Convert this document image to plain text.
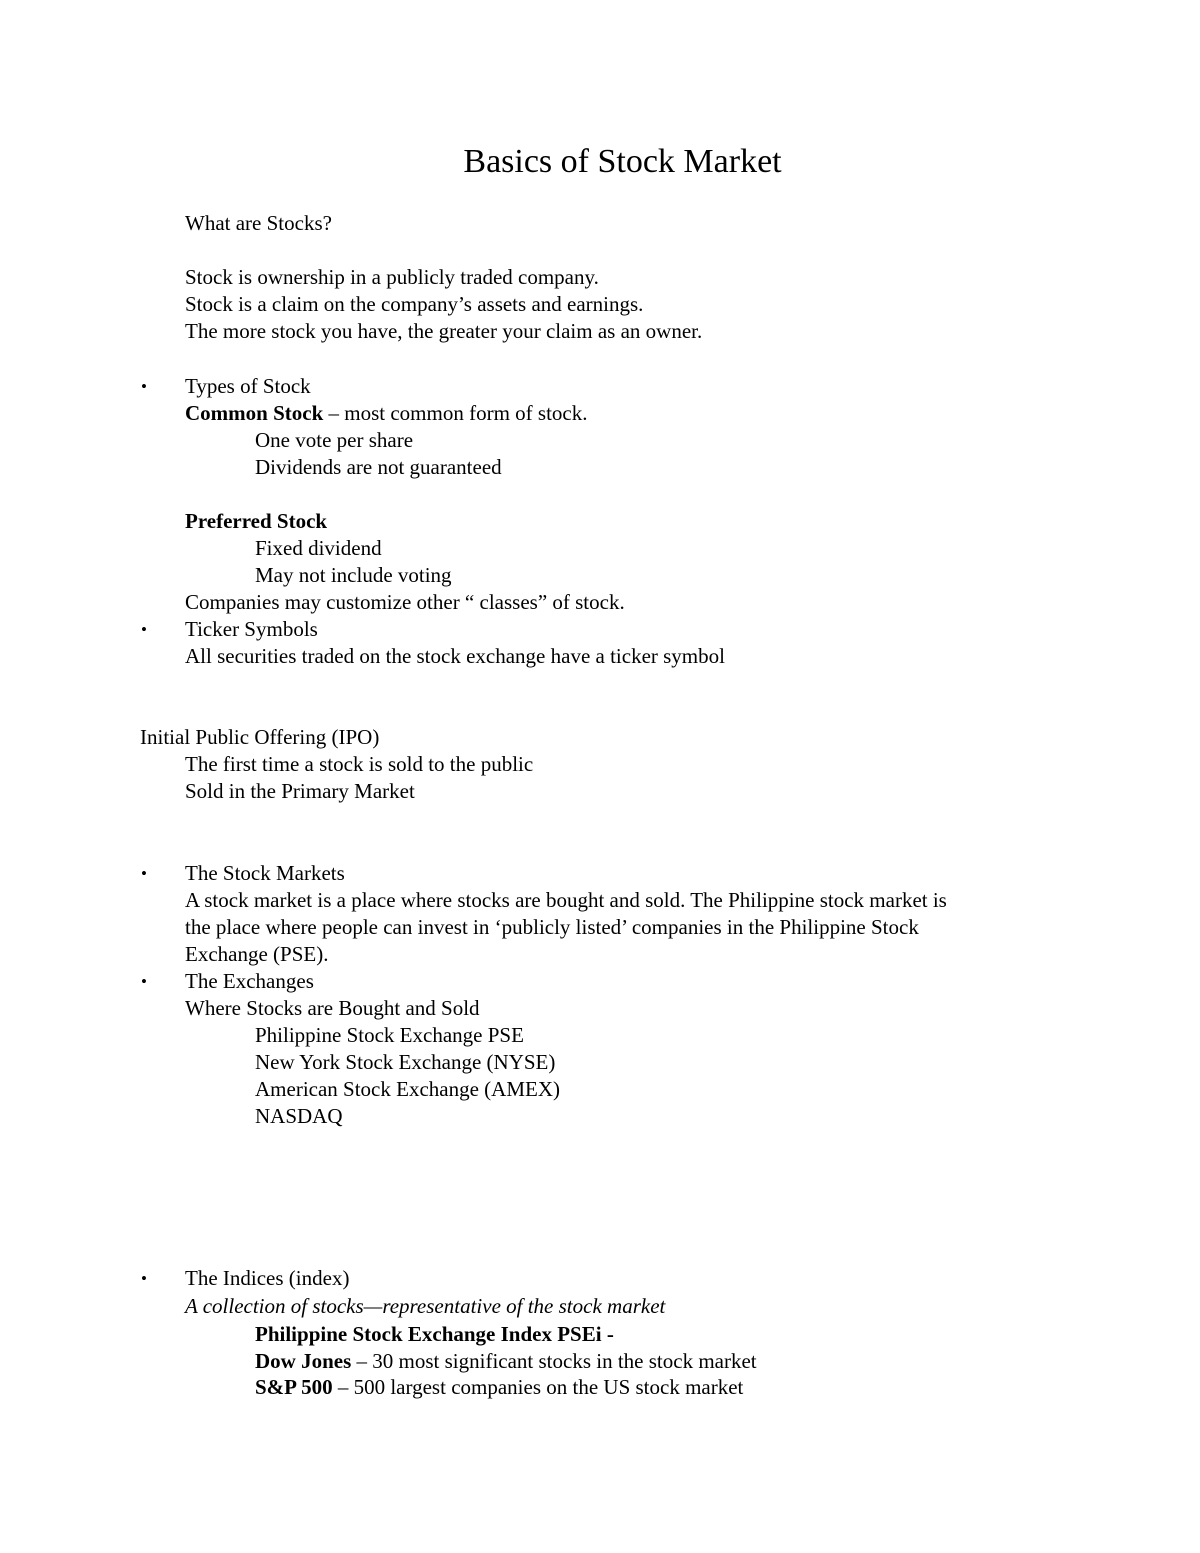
Basics of Stock Market
What are Stocks?
Stock is ownership in a publicly traded company.
Stock is a claim on the company’s assets and earnings.
The more stock you have, the greater your claim as an owner.
• Types of Stock
Common Stock – most common form of stock.
One vote per share
Dividends are not guaranteed
Preferred Stock
Fixed dividend
May not include voting
Companies may customize other “ classes” of stock.
• Ticker Symbols
All securities traded on the stock exchange have a ticker symbol
Initial Public Offering (IPO)
The first time a stock is sold to the public
Sold in the Primary Market
• The Stock Markets
A stock market is a place where stocks are bought and sold. The Philippine stock market is
the place where people can invest in ‘publicly listed’ companies in the Philippine Stock
Exchange (PSE).
• The Exchanges
Where Stocks are Bought and Sold
Philippine Stock Exchange PSE
New York Stock Exchange (NYSE)
American Stock Exchange (AMEX)
NASDAQ
• The Indices (index)
A collection of stocks—representative of the stock market
Philippine Stock Exchange Index PSEi -
Dow Jones – 30 most significant stocks in the stock market
S&P 500 – 500 largest companies on the US stock market
